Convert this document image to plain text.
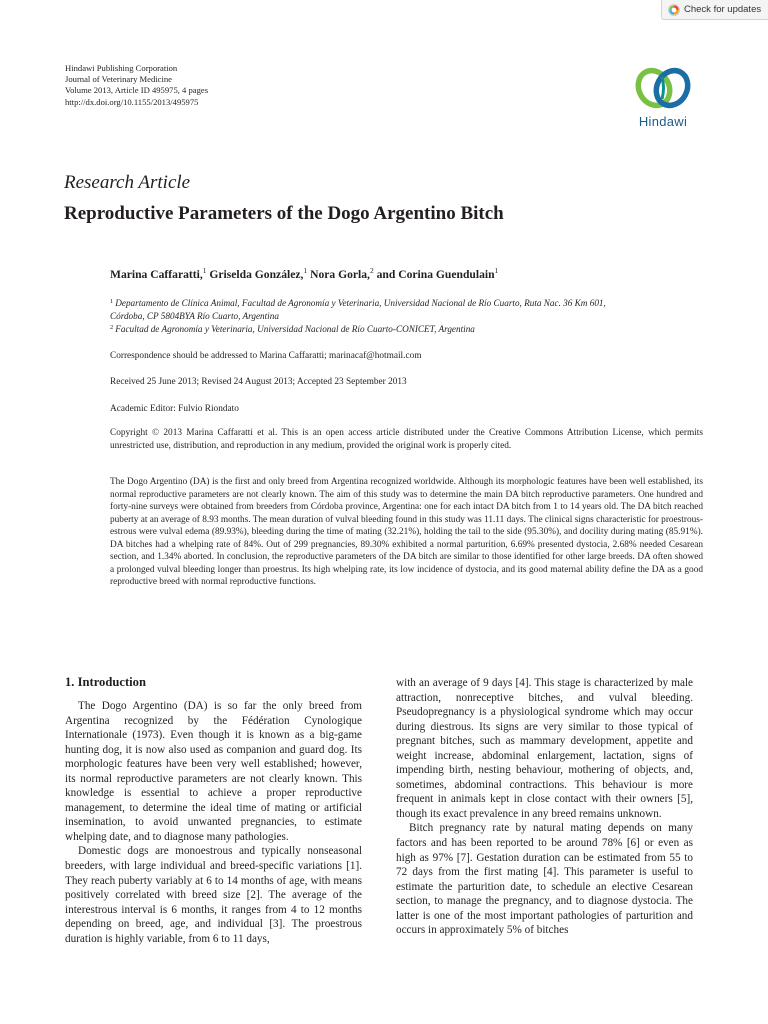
Check for updates
Hindawi Publishing Corporation
Journal of Veterinary Medicine
Volume 2013, Article ID 495975, 4 pages
http://dx.doi.org/10.1155/2013/495975
Hindawi
Research Article
Reproductive Parameters of the Dogo Argentino Bitch
Marina Caffaratti,$^1$ Griselda González,$^1$ Nora Gorla,$^2$ and Corina Guendulain$^1$
$^1$ Departamento de Clínica Animal, Facultad de Agronomía y Veterinaria, Universidad Nacional de Río Cuarto, Ruta Nac. 36 Km 601,
Córdoba, CP 5804BYA Río Cuarto, Argentina
$^2$ Facultad de Agronomía y Veterinaria, Universidad Nacional de Río Cuarto-CONICET, Argentina
Correspondence should be addressed to Marina Caffaratti; marinacaf@hotmail.com
Received 25 June 2013; Revised 24 August 2013; Accepted 23 September 2013
Academic Editor: Fulvio Riondato
Copyright © 2013 Marina Caffaratti et al. This is an open access article distributed under the Creative Commons Attribution License, which permits unrestricted use, distribution, and reproduction in any medium, provided the original work is properly cited.

The Dogo Argentino (DA) is the first and only breed from Argentina recognized worldwide. Although its morphologic features have been well established, its normal reproductive parameters are not clearly known. The aim of this study was to determine the main DA bitch reproductive parameters. One hundred and forty-nine surveys were obtained from breeders from Córdoba province, Argentina: one for each intact DA bitch from 1 to 14 years old. The DA bitch reached puberty at an average of 8.93 months. The mean duration of vulval bleeding found in this study was 11.11 days. The clinical signs characteristic for proestrous-estrous were vulval edema (89.93%), bleeding during the time of mating (32.21%), holding the tail to the side (95.30%), and docility during mating (85.91%). DA bitches had a whelping rate of 84%. Out of 299 pregnancies, 89.30% exhibited a normal parturition, 6.69% presented dystocia, 2.68% needed Cesarean section, and 1.34% aborted. In conclusion, the reproductive parameters of the DA bitch are similar to those identified for other large breeds. DA often showed a prolonged vulval bleeding longer than proestrus. Its high whelping rate, its low incidence of dystocia, and its good maternal ability define the DA as a good reproductive breed with normal reproductive functions.

1. Introduction

The Dogo Argentino (DA) is so far the only breed from Argentina recognized by the Fédération Cynologique Internationale (1973). Even though it is known as a big-game hunting dog, it is now also used as companion and guard dog. Its morphologic features have been very well established; however, its normal reproductive parameters are not clearly known. This knowledge is essential to achieve a proper reproductive management, to determine the ideal time of mating or artificial insemination, to avoid unwanted pregnancies, to estimate whelping date, and to diagnose many pathologies.

Domestic dogs are monoestrous and typically nonseasonal breeders, with large individual and breed-specific variations [1]. They reach puberty variably at 6 to 14 months of age, with means positively correlated with breed size [2]. The average of the interestrous interval is 6 months, it ranges from 4 to 12 months depending on breed, age, and individual [3]. The proestrous duration is highly variable, from 6 to 11 days,

with an average of 9 days [4]. This stage is characterized by male attraction, nonreceptive bitches, and vulval bleeding. Pseudopregnancy is a physiological syndrome which may occur during diestrous. Its signs are very similar to those typical of pregnant bitches, such as mammary development, appetite and weight increase, abdominal enlargement, lactation, signs of impending birth, nesting behaviour, mothering of objects, and, sometimes, abdominal contractions. This behaviour is more frequent in animals kept in close contact with their owners [5], though its exact prevalence in any breed remains unknown.

Bitch pregnancy rate by natural mating depends on many factors and has been reported to be around 78% [6] or even as high as 97% [7]. Gestation duration can be estimated from 55 to 72 days from the first mating [4]. This parameter is useful to estimate the parturition date, to schedule an elective Cesarean section, to manage the pregnancy, and to diagnose dystocia. The latter is one of the most important pathologies of parturition and occurs in approximately 5% of bitches
